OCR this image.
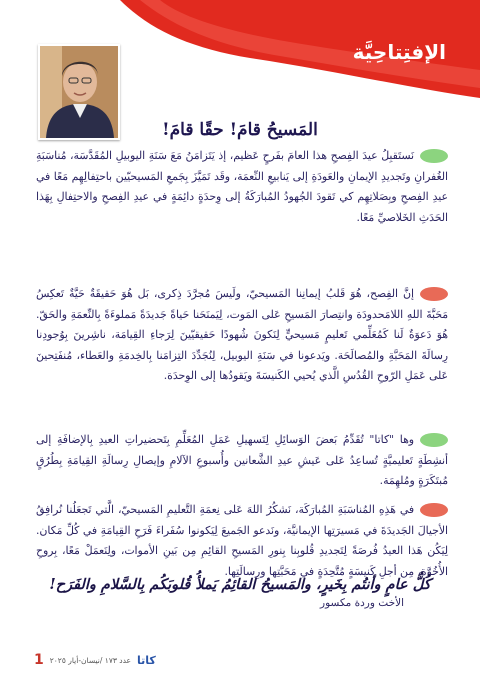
الإفتِتاحِيَّة
المَسيحُ قامَ! حقًا قامَ!
نَستَقبِلُ عيدَ الفِصحِ هذا العامَ بفَرحٍ عَظيم، إذ يَتَزامَنُ مَعَ سَنَةِ اليوبيلِ المُقَدَّسَة، مُناسَبَةِ الغُفرانِ وتَجديدِ الإيمانِ والعَودَةِ إلى يَنابيعِ النِّعمَة، وقَد تَمَيَّزَ بِجَمعِ المَسيحيّين باحتِفالِهِم مَعًا في عيدِ الفِصحِ وبِصَلاتِهِم كي تَقودَ الجُهودُ المُبارَكَةُ إلى وِحدَةٍ دائِمَةٍ في عيدِ الفِصحِ والاحتِفالِ بِهَذا الحَدَثِ الخَلاصيِّ مَعًا.
إنَّ الفِصح، هُوَ قَلبُ إيمانِنا المَسيحيّ، ولَيسَ مُجرَّدَ ذِكرى، بَل هُوَ حَقيقَةٌ حَيَّةٌ تَعكِسُ مَحَبَّةَ اللهِ اللامَحدودَة وانتِصارَ المَسيحِ عَلى المَوت، لِيَمنَحَنا حَياةً جَديدَةً مَملوءَةً بِالنِّعمَةِ والحَقّ. هُوَ دَعوَةٌ لَنا كَمُعَلِّمي تَعليمٍ مَسيحيٍّ لِنَكونَ شُهودًا حَقيقيّينَ لِرَجاءِ القِيامَة، ناشِرينَ بِوُجودِنا رِسالَةَ المَحَبَّةِ والمُصالَحَة. ويَدعونا في سَنَةِ اليوبيل، لِنُجَدِّدَ التِزامَنا بِالخِدمَةِ والعَطاء، مُنفَتِحينَ عَلى عَمَلِ الرّوحِ القُدُسِ الَّذي يُحيي الكَنيسَةَ ويَقودُها إلى الوِحدَة.
وها "كاتا" تُقَدِّمُ بَعضَ الوَسائِلِ لِتَسهيلِ عَمَلِ المُعَلِّمِ بِتَحضيراتِ العيدِ بِالإضافَةِ إلى أنشِطَةٍ تَعليميَّةٍ تُساعِدُ عَلى عَيشِ عيدِ الشَّعانين وأُسبوعِ الآلامِ وإيصالِ رِسالَةِ القِيامَةِ بِطُرُقٍ مُبتَكَرَةٍ ومُلهِمَة.
في هَذِهِ المُناسَبَةِ المُبارَكَة، نَشكُرُ اللهَ عَلى نِعمَةِ التَّعليمِ المَسيحيّ، الَّتي تَجعَلُنا نُرافِقُ الأجيالَ الجَديدَةَ في مَسيرَتِها الإيمانيَّة، ونَدعو الجَميعَ لِيَكونوا سُفَراءَ فَرَحِ القِيامَةِ في كُلِّ مَكان. لِيَكُن هَذا العيدُ فُرصَةً لِتَجديدِ قُلوبِنا بِنورِ المَسيحِ القائِمِ مِن بَينِ الأموات، ولِنَعمَلْ مَعًا، بِروحِ الأُخُوَّة، مِن أجلِ كَنيسَةٍ مُتَّحِدَةٍ في مَحَبَّتِها ورِسالَتِها.
كُلُّ عامٍ وأنتُم بِخَيرٍ، والمَسيحُ القائِمُ يَملأُ قُلوبَكُم بِالسَّلامِ والفَرَح!
الأخت وردة مكسور
1 عدد ١٧٣ /نيسان-أيار ٢٠٢٥ كاتا
